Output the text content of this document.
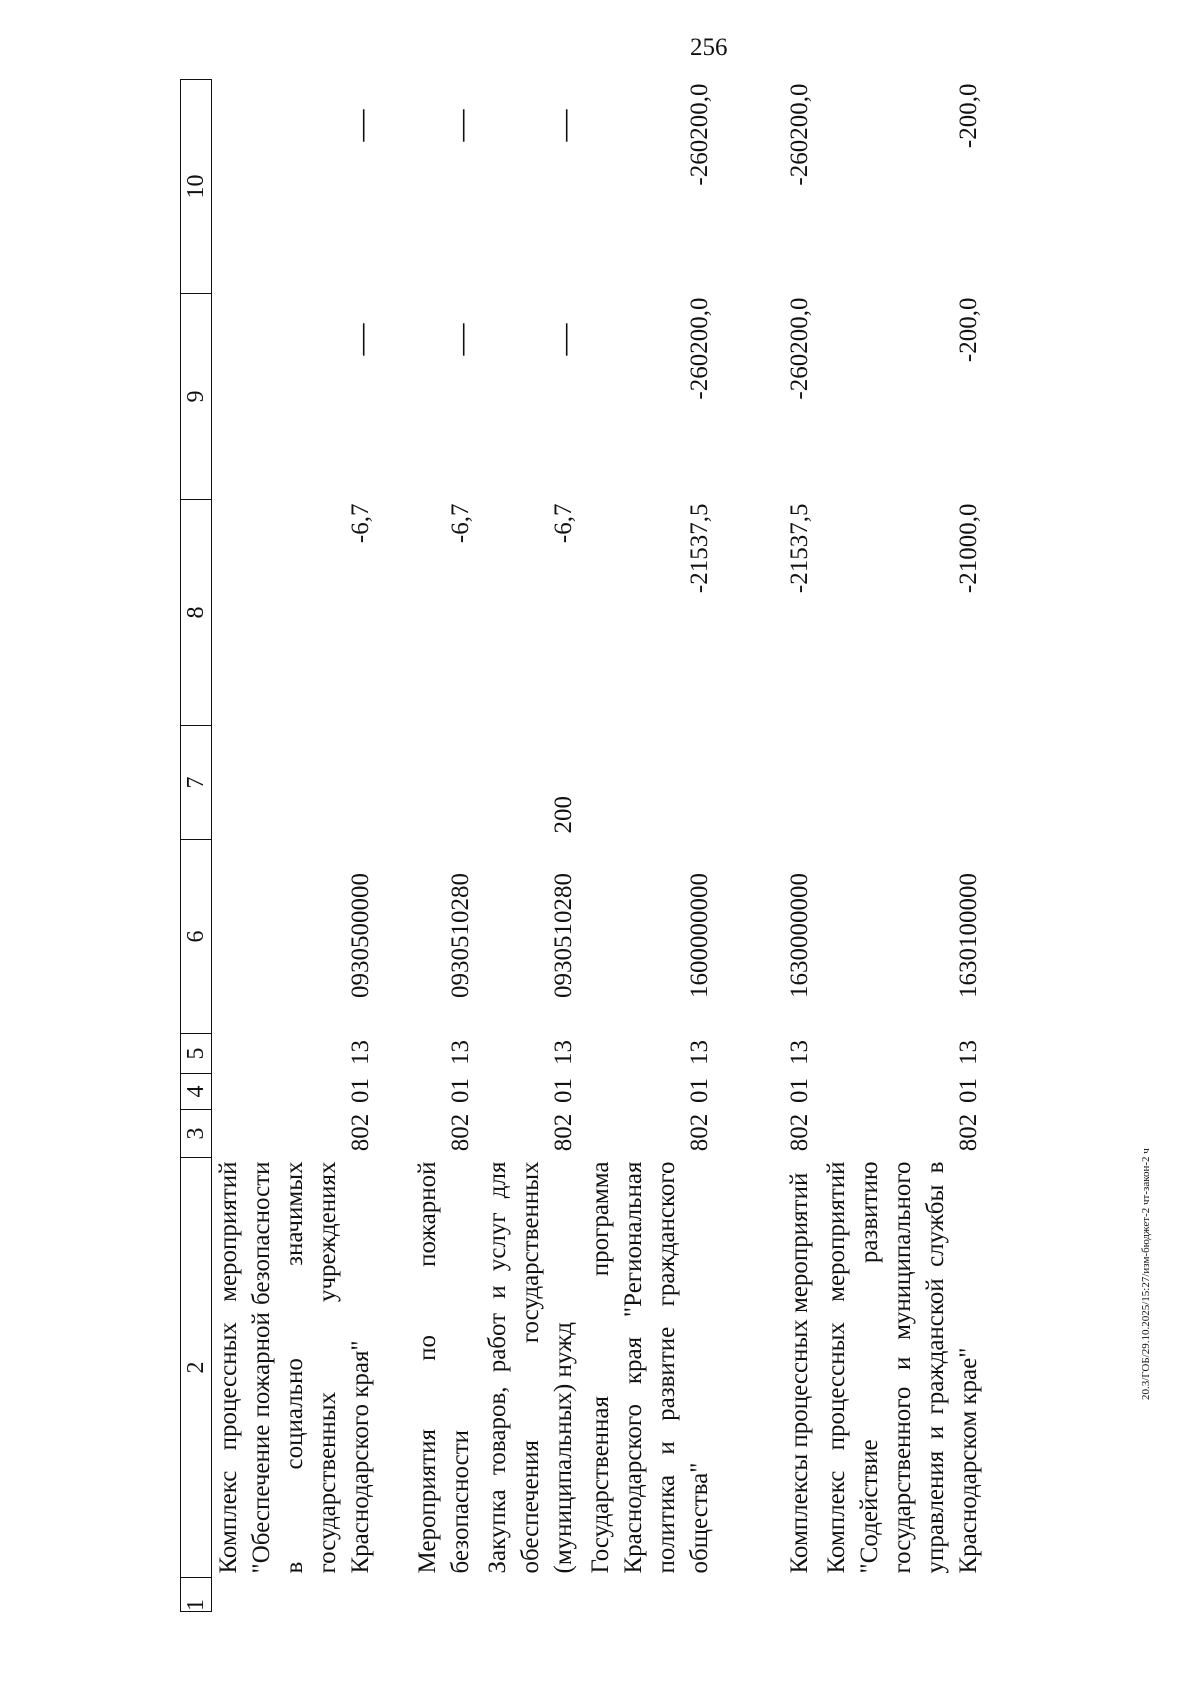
256
20.3/ГОБ/29.10.2025/15:27/изм-бюджет-2 чт-закон-2 ч
1	2	3	4	5	6	7	8	9	10
	Комплекс процессных мероприятий "Обеспечение пожарной безопасности в социально значимых государственных учреждениях Краснодарского края"	802	01	13	0930500000		-6,7	—	—
	Мероприятия по пожарной безопасности	802	01	13	0930510280		-6,7	—	—
	Закупка товаров, работ и услуг для обеспечения государственных (муниципальных) нужд	802	01	13	0930510280	200	-6,7	—	—
	Государственная программа Краснодарского края "Региональная политика и развитие гражданского общества"	802	01	13	1600000000		-21537,5	-260200,0	-260200,0
	Комплексы процессных мероприятий	802	01	13	1630000000		-21537,5	-260200,0	-260200,0
	Комплекс процессных мероприятий "Содействие развитию государственного и муниципального управления и гражданской службы в Краснодарском крае"	802	01	13	1630100000		-21000,0	-200,0	-200,0
